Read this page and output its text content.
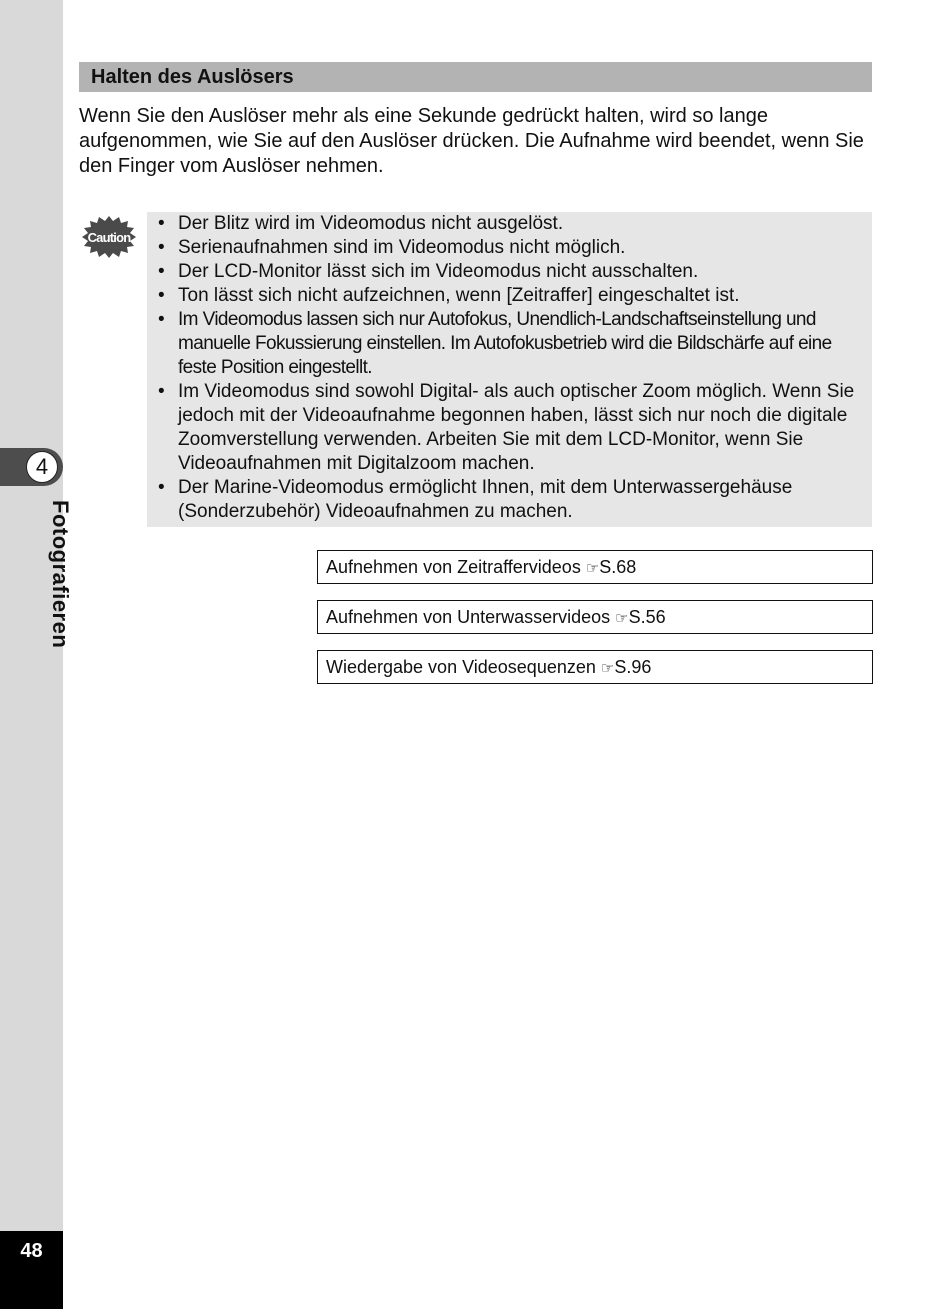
4
Fotografieren
48
Halten des Auslösers

Wenn Sie den Auslöser mehr als eine Sekunde gedrückt halten, wird so lange aufgenommen, wie Sie auf den Auslöser drücken. Die Aufnahme wird beendet, wenn Sie den Finger vom Auslöser nehmen.

Caution
• Der Blitz wird im Videomodus nicht ausgelöst.
• Serienaufnahmen sind im Videomodus nicht möglich.
• Der LCD-Monitor lässt sich im Videomodus nicht ausschalten.
• Ton lässt sich nicht aufzeichnen, wenn [Zeitraffer] eingeschaltet ist.
• Im Videomodus lassen sich nur Autofokus, Unendlich-Landschaftseinstellung und manuelle Fokussierung einstellen. Im Autofokusbetrieb wird die Bildschärfe auf eine feste Position eingestellt.
• Im Videomodus sind sowohl Digital- als auch optischer Zoom möglich. Wenn Sie jedoch mit der Videoaufnahme begonnen haben, lässt sich nur noch die digitale Zoomverstellung verwenden. Arbeiten Sie mit dem LCD-Monitor, wenn Sie Videoaufnahmen mit Digitalzoom machen.
• Der Marine-Videomodus ermöglicht Ihnen, mit dem Unterwassergehäuse (Sonderzubehör) Videoaufnahmen zu machen.
Aufnehmen von Zeitraffervideos ☞S.68
Aufnehmen von Unterwasservideos ☞S.56
Wiedergabe von Videosequenzen ☞S.96
